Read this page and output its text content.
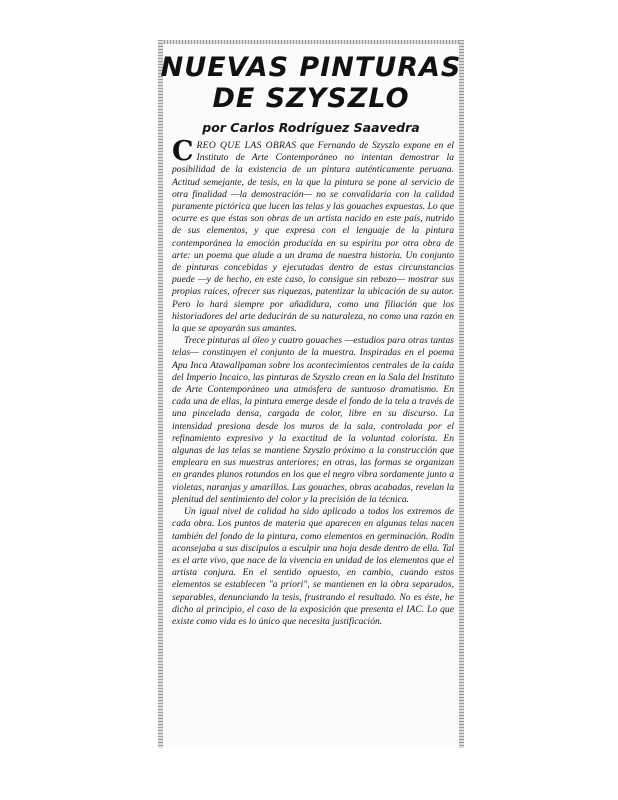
NUEVAS PINTURAS
DE SZYSZLO
por Carlos Rodríguez Saavedra

CREO QUE LAS OBRAS que Fernando de Szyszlo expone en el Instituto de Arte Contemporáneo no intentan demostrar la posibilidad de la existencia de un pintura auténticamente peruana. Actitud semejante, de tesis, en la que la pintura se pone al servicio de otra finalidad —la demostración— no se convalidaría con la calidad puramente pictórica que lucen las telas y las gouaches expuestas. Lo que ocurre es que éstas son obras de un artista nacido en este país, nutrido de sus elementos, y que expresa con el lenguaje de la pintura contemporánea la emoción producida en su espíritu por otra obra de arte: un poema que alude a un drama de nuestra historia. Un conjunto de pinturas concebidas y ejecutadas dentro de estas circunstancias puede —y de hecho, en este caso, lo consigue sin rebozo— mostrar sus propias raíces, ofrecer sus riquezas, patentizar la ubicación de su autor. Pero lo hará siempre por añadidura, como una filiación que los historiadores del arte deducirán de su naturaleza, no como una razón en la que se apoyarán sus amantes.

Trece pinturas al óleo y cuatro gouaches —estudios para otras tantas telas— constituyen el conjunto de la muestra. Inspiradas en el poema Apu Inca Atawallpaman sobre los acontecimientos centrales de la caída del Imperio Incaico, las pinturas de Szyszlo crean en la Sala del Instituto de Arte Contemporáneo una atmósfera de suntuoso dramatismo. En cada una de ellas, la pintura emerge desde el fondo de la tela a través de una pincelada densa, cargada de color, libre en su discurso. La intensidad presiona desde los muros de la sala, controlada por el refinamiento expresivo y la exactitud de la voluntad colorista. En algunas de las telas se mantiene Szyszlo próximo a la construcción que empleara en sus muestras anteriores; en otras, las formas se organizan en grandes planos rotundos en los que el negro vibra sordamente junto a violetas, naranjas y amarillos. Las gouaches, obras acabadas, revelan la plenitud del sentimiento del color y la precisión de la técnica.

Un igual nivel de calidad ha sido aplicado a todos los extremos de cada obra. Los puntos de materia que aparecen en algunas telas nacen también del fondo de la pintura, como elementos en germinación. Rodin aconsejaba a sus discípulos a esculpir una hoja desde dentro de ella. Tal es el arte vivo, que nace de la vivencia en unidad de los elementos que el artista conjura. En el sentido opuesto, en cambio, cuando estos elementos se establecen "a priori", se mantienen en la obra separados, separables, denunciando la tesis, frustrando el resultado. No es éste, he dicho al principio, el caso de la exposición que presenta el IAC. Lo que existe como vida es lo único que necesita justificación.
